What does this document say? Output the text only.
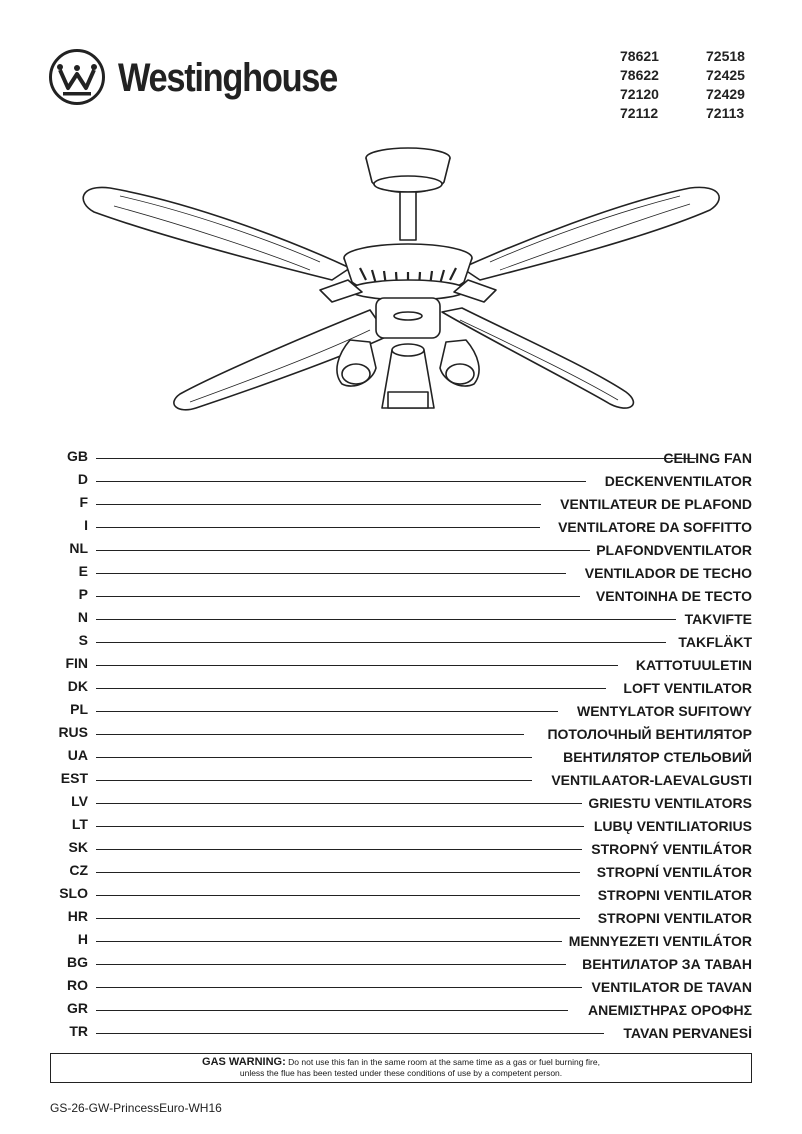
Westinghouse	78621	72518
78622	72425
72120	72429
72112	72113
GB	CEILING FAN
D	DECKENVENTILATOR
F	VENTILATEUR DE PLAFOND
I	VENTILATORE DA SOFFITTO
NL	PLAFONDVENTILATOR
E	VENTILADOR DE TECHO
P	VENTOINHA DE TECTO
N	TAKVIFTE
S	TAKFLÄKT
FIN	KATTOTUULETIN
DK	LOFT VENTILATOR
PL	WENTYLATOR SUFITOWY
RUS	ПОТОЛОЧНЫЙ ВЕНТИЛЯТОР
UA	ВЕНТИЛЯТОР СТЕЛЬОВИЙ
EST	VENTILAATOR-LAEVALGUSTI
LV	GRIESTU VENTILATORS
LT	LUBŲ VENTILIATORIUS
SK	STROPNÝ VENTILÁTOR
CZ	STROPNÍ VENTILÁTOR
SLO	STROPNI VENTILATOR
HR	STROPNI VENTILATOR
H	MENNYEZETI VENTILÁTOR
BG	ВЕНТИЛАТОР ЗА ТАВАН
RO	VENTILATOR DE TAVAN
GR	ΑΝΕΜΙΣΤΗΡΑΣ ΟΡΟΦΗΣ
TR	TAVAN PERVANESİ
GAS WARNING: Do not use this fan in the same room at the same time as a gas or fuel burning fire,
unless the flue has been tested under these conditions of use by a competent person.
GS-26-GW-PrincessEuro-WH16
